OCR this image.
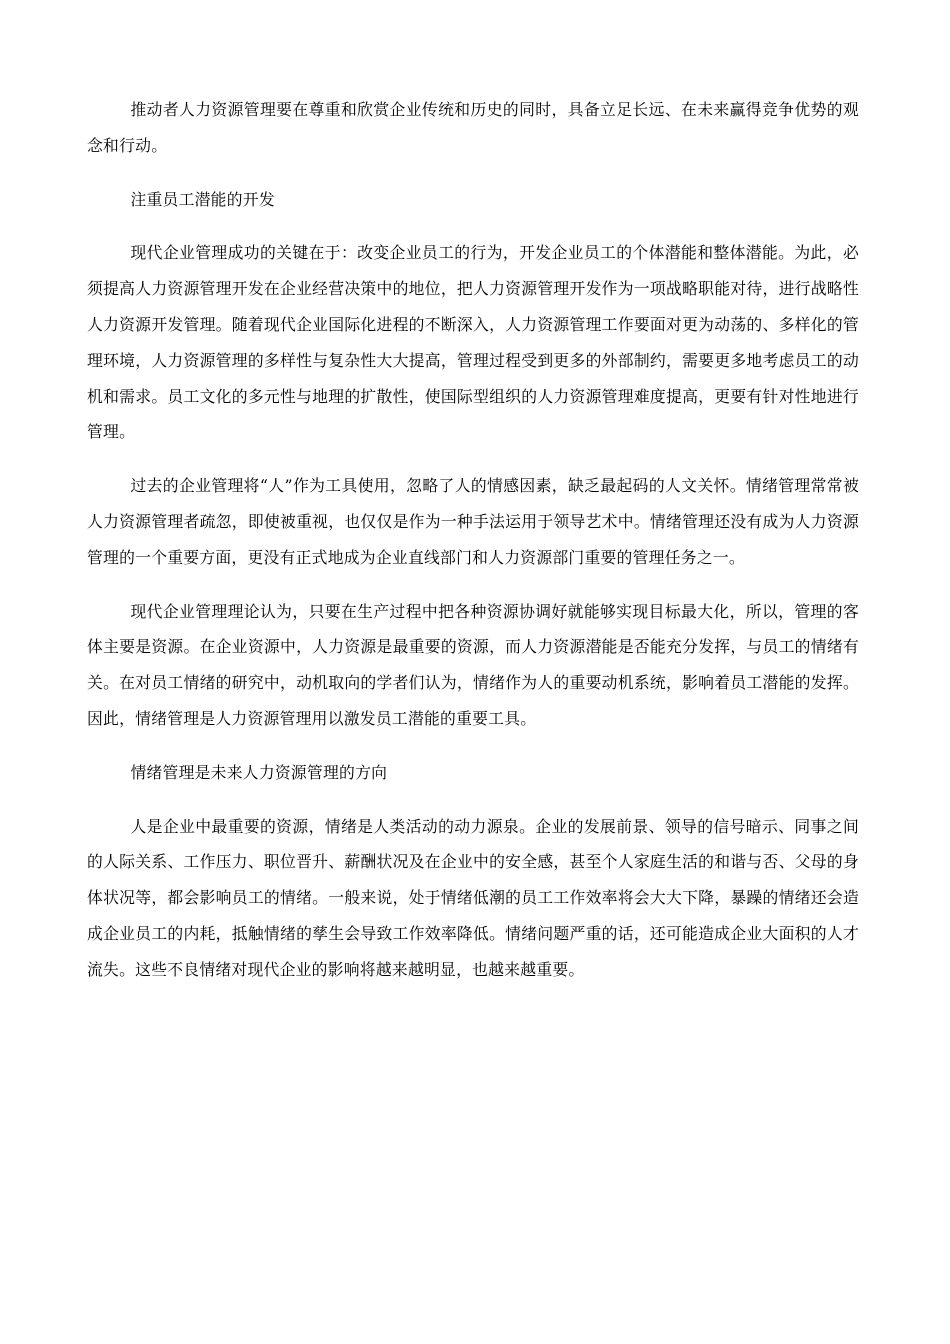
推动者人力资源管理要在尊重和欣赏企业传统和历史的同时，具备立足长远、在未来赢得竞争优势的观念和行动。

注重员工潜能的开发

现代企业管理成功的关键在于：改变企业员工的行为，开发企业员工的个体潜能和整体潜能。为此，必须提高人力资源管理开发在企业经营决策中的地位，把人力资源管理开发作为一项战略职能对待，进行战略性人力资源开发管理。随着现代企业国际化进程的不断深入，人力资源管理工作要面对更为动荡的、多样化的管理环境，人力资源管理的多样性与复杂性大大提高，管理过程受到更多的外部制约，需要更多地考虑员工的动机和需求。员工文化的多元性与地理的扩散性，使国际型组织的人力资源管理难度提高，更要有针对性地进行管理。

过去的企业管理将“人”作为工具使用，忽略了人的情感因素，缺乏最起码的人文关怀。情绪管理常常被人力资源管理者疏忽，即使被重视，也仅仅是作为一种手法运用于领导艺术中。情绪管理还没有成为人力资源管理的一个重要方面，更没有正式地成为企业直线部门和人力资源部门重要的管理任务之一。

现代企业管理理论认为，只要在生产过程中把各种资源协调好就能够实现目标最大化，所以，管理的客体主要是资源。在企业资源中，人力资源是最重要的资源，而人力资源潜能是否能充分发挥，与员工的情绪有关。在对员工情绪的研究中，动机取向的学者们认为，情绪作为人的重要动机系统，影响着员工潜能的发挥。因此，情绪管理是人力资源管理用以激发员工潜能的重要工具。

情绪管理是未来人力资源管理的方向

人是企业中最重要的资源，情绪是人类活动的动力源泉。企业的发展前景、领导的信号暗示、同事之间的人际关系、工作压力、职位晋升、薪酬状况及在企业中的安全感，甚至个人家庭生活的和谐与否、父母的身体状况等，都会影响员工的情绪。一般来说，处于情绪低潮的员工工作效率将会大大下降，暴躁的情绪还会造成企业员工的内耗，抵触情绪的孳生会导致工作效率降低。情绪问题严重的话，还可能造成企业大面积的人才流失。这些不良情绪对现代企业的影响将越来越明显，也越来越重要。
